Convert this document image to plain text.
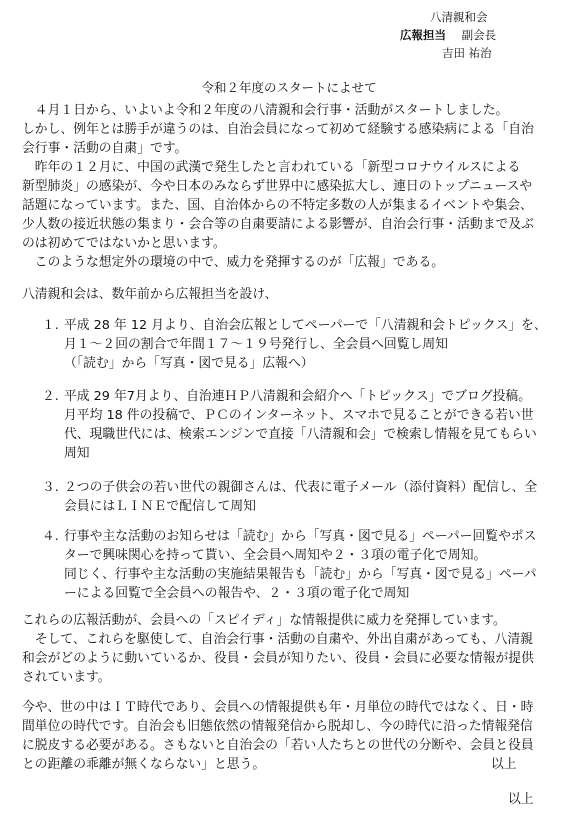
八清親和会
広報担当 副会長
吉田 祐治
令和２年度のスタートによせて
　４月１日から、いよいよ令和２年度の八清親和会行事・活動がスタートしました。
しかし、例年とは勝手が違うのは、自治会員になって初めて経験する感染病による「自治
会行事・活動の自粛」です。
　昨年の１２月に、中国の武漢で発生したと言われている「新型コロナウイルスによる
新型肺炎」の感染が、今や日本のみならず世界中に感染拡大し、連日のトップニュースや
話題になっています。また、国、自治体からの不特定多数の人が集まるイベントや集会、
少人数の接近状態の集まり・会合等の自粛要請による影響が、自治会行事・活動まで及ぶ
のは初めてではないかと思います。
　このような想定外の環境の中で、威力を発揮するのが「広報」である。
八清親和会は、数年前から広報担当を設け、
１. 平成 28 年 12 月より、自治会広報としてペーパーで「八清親和会トピックス」を、
月１～２回の割合で年間１７～１９号発行し、全会員へ回覧し周知
（「読む」から「写真・図で見る」広報へ）
２. 平成 29 年7月より、自治連ＨＰ八清親和会紹介へ「トピックス」でブログ投稿。
月平均 18 件の投稿で、ＰＣのインターネット、スマホで見ることができる若い世
代、現職世代には、検索エンジンで直接「八清親和会」で検索し情報を見てもらい
周知
３. ２つの子供会の若い世代の親御さんは、代表に電子メール（添付資料）配信し、全
会員にはＬＩＮＥで配信して周知
４. 行事や主な活動のお知らせは「読む」から「写真・図で見る」ペーパー回覧やポス
ターで興味関心を持って貰い、全会員へ周知や２・３項の電子化で周知。
同じく、行事や主な活動の実施結果報告も「読む」から「写真・図で見る」ペーパ
ーによる回覧で全会員への報告や、２・３項の電子化で周知
これらの広報活動が、会員への「スピイディ」な情報提供に威力を発揮しています。
　そして、これらを駆使して、自治会行事・活動の自粛や、外出自粛があっても、八清親
和会がどのように動いているか、役員・会員が知りたい、役員・会員に必要な情報が提供
されています。
今や、世の中はＩＴ時代であり、会員への情報提供も年・月単位の時代ではなく、日・時
間単位の時代です。自治会も旧態依然の情報発信から脱却し、今の時代に沿った情報発信
に脱皮する必要がある。さもないと自治会の「若い人たちとの世代の分断や、会員と役員
との距離の乖離が無くならない」と思う。	以上
以上
